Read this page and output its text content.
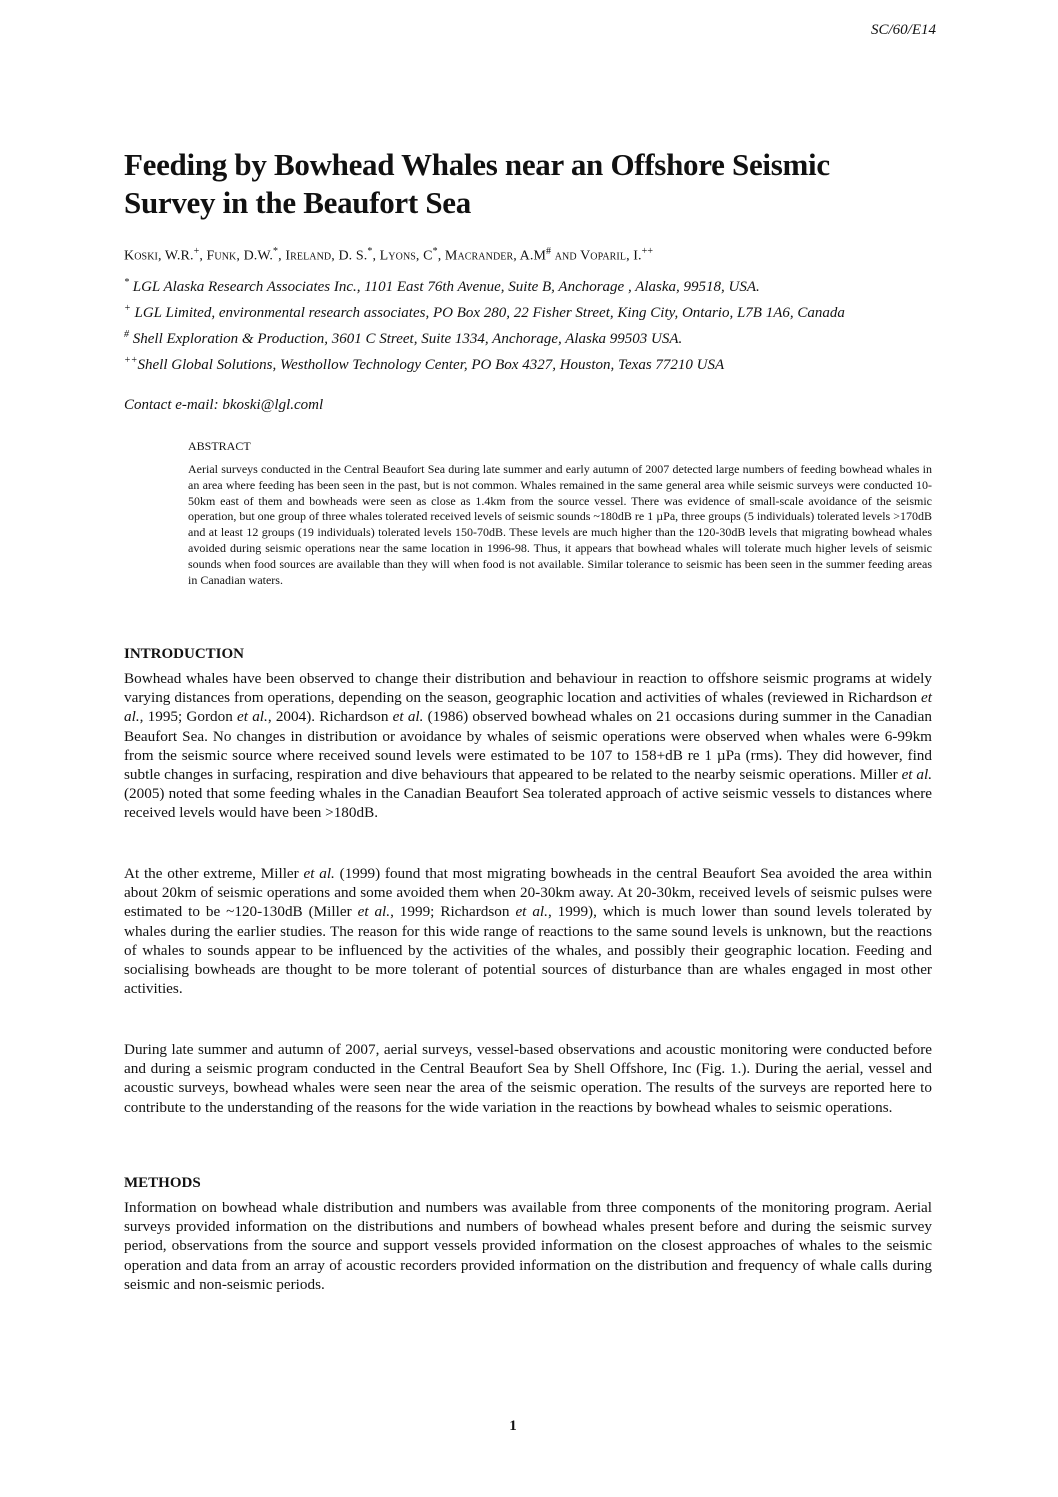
SC/60/E14
Feeding by Bowhead Whales near an Offshore Seismic Survey in the Beaufort Sea
Koski, W.R.+, Funk, D.W.*, Ireland, D. S.*, Lyons, C*, Macrander, A.M# and Voparil, I.++

* LGL Alaska Research Associates Inc., 1101 East 76th Avenue, Suite B, Anchorage , Alaska, 99518, USA.

+ LGL Limited, environmental research associates, PO Box 280, 22 Fisher Street, King City, Ontario, L7B 1A6, Canada

# Shell Exploration & Production, 3601 C Street, Suite 1334, Anchorage, Alaska 99503 USA.

++Shell Global Solutions, Westhollow Technology Center, PO Box 4327, Houston, Texas 77210 USA

Contact e-mail: bkoski@lgl.coml
ABSTRACT

Aerial surveys conducted in the Central Beaufort Sea during late summer and early autumn of 2007 detected large numbers of feeding bowhead whales in an area where feeding has been seen in the past, but is not common. Whales remained in the same general area while seismic surveys were conducted 10-50km east of them and bowheads were seen as close as 1.4km from the source vessel. There was evidence of small-scale avoidance of the seismic operation, but one group of three whales tolerated received levels of seismic sounds ~180dB re 1 µPa, three groups (5 individuals) tolerated levels >170dB and at least 12 groups (19 individuals) tolerated levels 150-70dB. These levels are much higher than the 120-30dB levels that migrating bowhead whales avoided during seismic operations near the same location in 1996-98. Thus, it appears that bowhead whales will tolerate much higher levels of seismic sounds when food sources are available than they will when food is not available. Similar tolerance to seismic has been seen in the summer feeding areas in Canadian waters.

INTRODUCTION

Bowhead whales have been observed to change their distribution and behaviour in reaction to offshore seismic programs at widely varying distances from operations, depending on the season, geographic location and activities of whales (reviewed in Richardson et al., 1995; Gordon et al., 2004). Richardson et al. (1986) observed bowhead whales on 21 occasions during summer in the Canadian Beaufort Sea. No changes in distribution or avoidance by whales of seismic operations were observed when whales were 6-99km from the seismic source where received sound levels were estimated to be 107 to 158+dB re 1 µPa (rms). They did however, find subtle changes in surfacing, respiration and dive behaviours that appeared to be related to the nearby seismic operations. Miller et al. (2005) noted that some feeding whales in the Canadian Beaufort Sea tolerated approach of active seismic vessels to distances where received levels would have been >180dB.

At the other extreme, Miller et al. (1999) found that most migrating bowheads in the central Beaufort Sea avoided the area within about 20km of seismic operations and some avoided them when 20-30km away. At 20-30km, received levels of seismic pulses were estimated to be ~120-130dB (Miller et al., 1999; Richardson et al., 1999), which is much lower than sound levels tolerated by whales during the earlier studies. The reason for this wide range of reactions to the same sound levels is unknown, but the reactions of whales to sounds appear to be influenced by the activities of the whales, and possibly their geographic location. Feeding and socialising bowheads are thought to be more tolerant of potential sources of disturbance than are whales engaged in most other activities.

During late summer and autumn of 2007, aerial surveys, vessel-based observations and acoustic monitoring were conducted before and during a seismic program conducted in the Central Beaufort Sea by Shell Offshore, Inc (Fig. 1.). During the aerial, vessel and acoustic surveys, bowhead whales were seen near the area of the seismic operation. The results of the surveys are reported here to contribute to the understanding of the reasons for the wide variation in the reactions by bowhead whales to seismic operations.

METHODS

Information on bowhead whale distribution and numbers was available from three components of the monitoring program. Aerial surveys provided information on the distributions and numbers of bowhead whales present before and during the seismic survey period, observations from the source and support vessels provided information on the closest approaches of whales to the seismic operation and data from an array of acoustic recorders provided information on the distribution and frequency of whale calls during seismic and non-seismic periods.

1
